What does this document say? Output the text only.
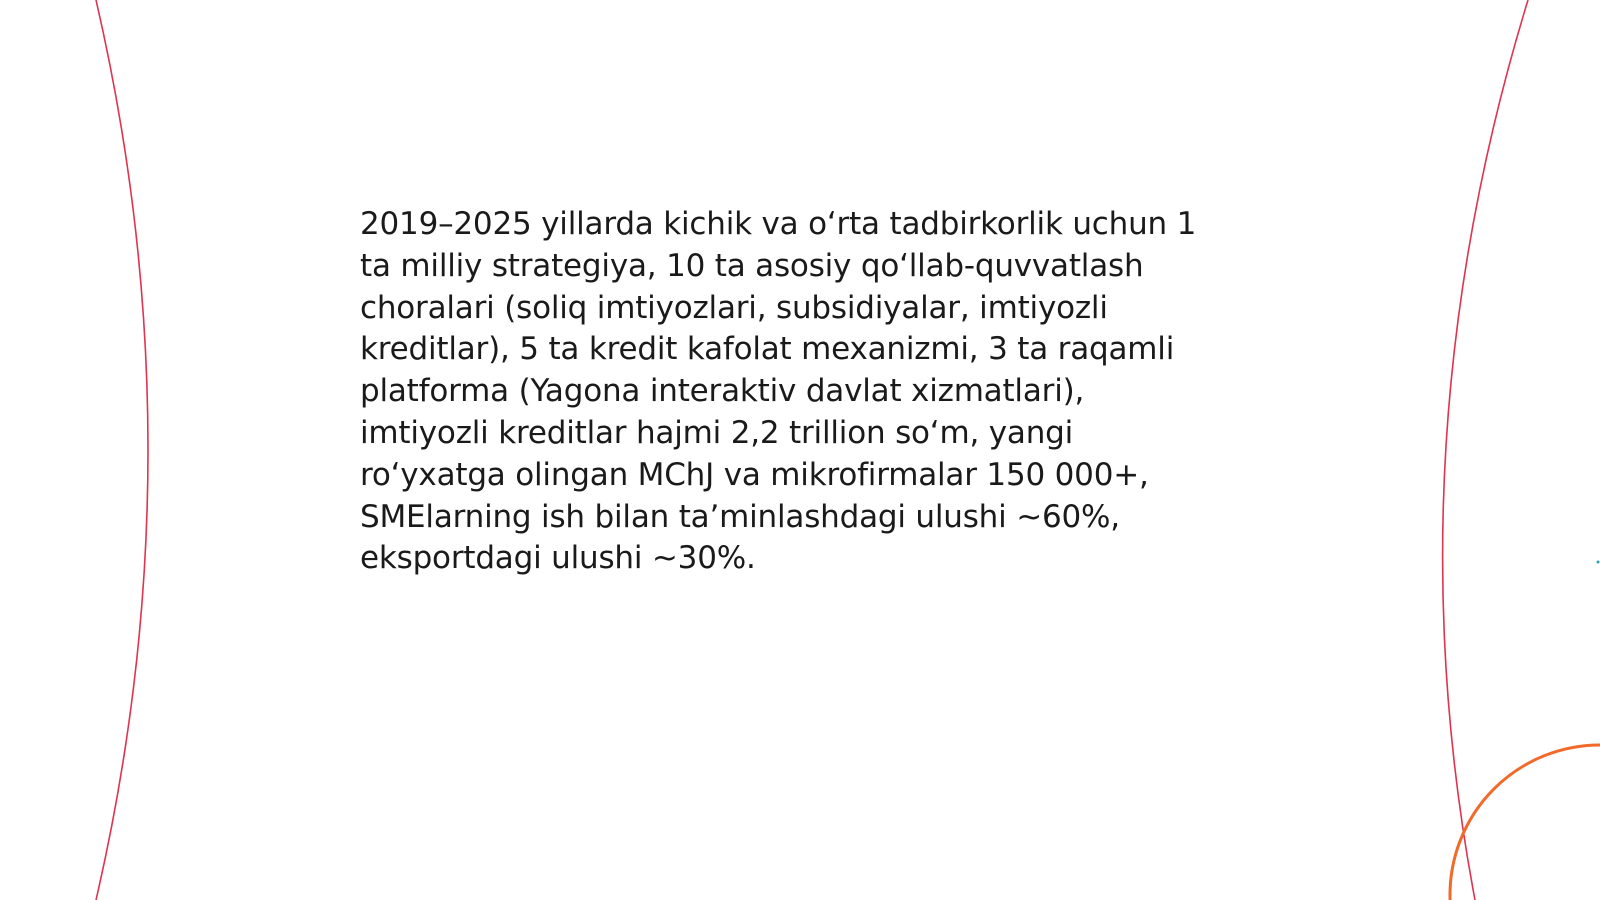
2019–2025 yillarda kichik va oʻrta tadbirkorlik uchun 1
ta milliy strategiya, 10 ta asosiy qoʻllab-quvvatlash
choralari (soliq imtiyozlari, subsidiyalar, imtiyozli
kreditlar), 5 ta kredit kafolat mexanizmi, 3 ta raqamli
platforma (Yagona interaktiv davlat xizmatlari),
imtiyozli kreditlar hajmi 2,2 trillion soʻm, yangi
roʻyxatga olingan MChJ va mikrofirmalar 150 000+,
SMElarning ish bilan taʼminlashdagi ulushi ~60%,
eksportdagi ulushi ~30%.
